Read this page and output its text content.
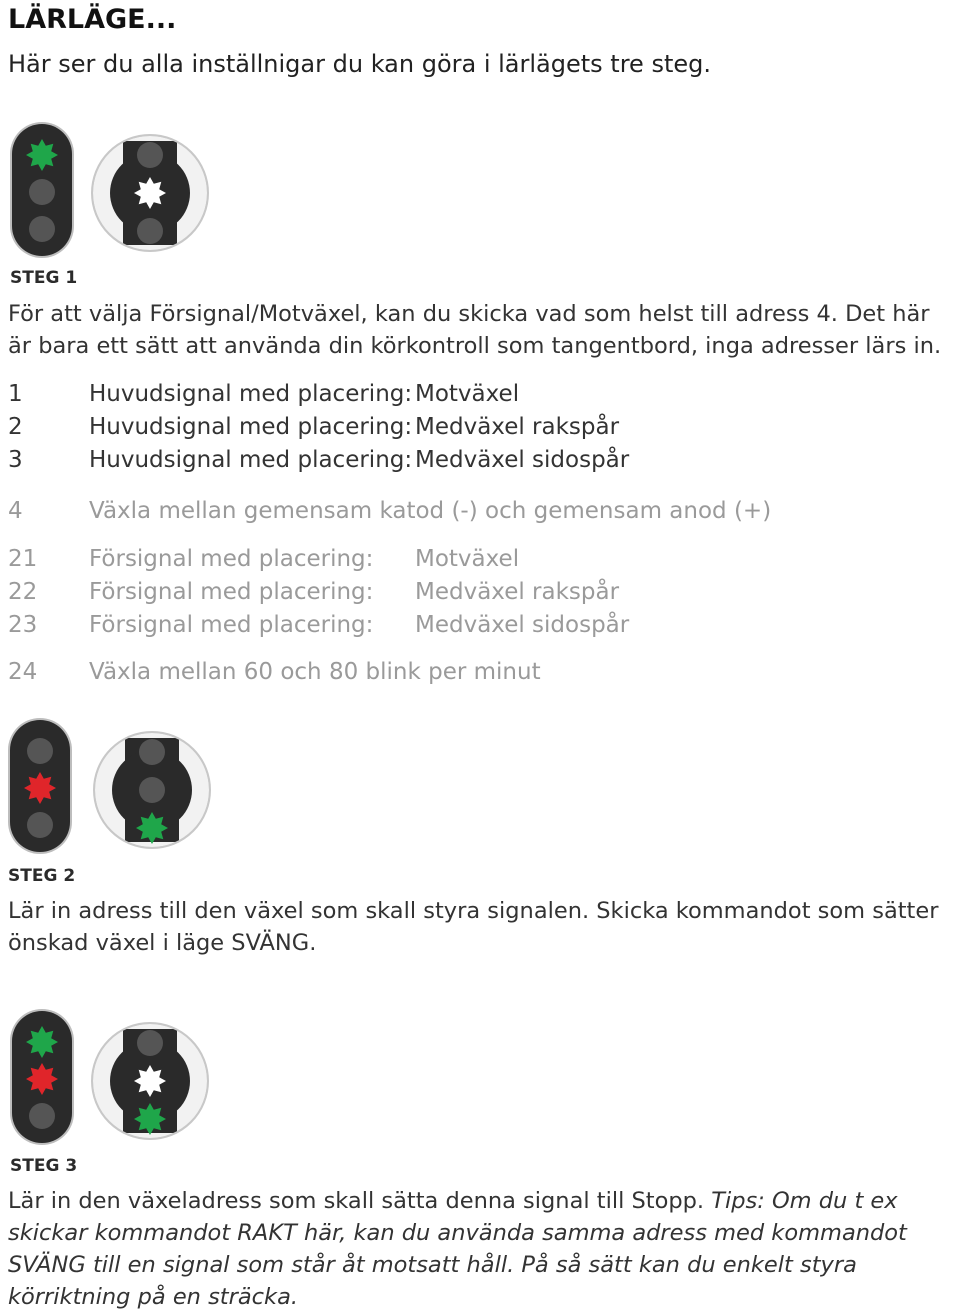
LÄRLÄGE...
Här ser du alla inställnigar du kan göra i lärlägets tre steg.
STEG 1
För att välja Försignal/Motväxel, kan du skicka vad som helst till adress 4. Det här är bara ett sätt att använda din körkontroll som tangentbord, inga adresser lärs in.
1	Huvudsignal med placering: Motväxel
2	Huvudsignal med placering: Medväxel rakspår
3	Huvudsignal med placering: Medväxel sidospår
4	Växla mellan gemensam katod (-) och gemensam anod (+)
21 Försignal med placering: Motväxel
22 Försignal med placering: Medväxel rakspår
23 Försignal med placering: Medväxel sidospår
24 Växla mellan 60 och 80 blink per minut
STEG 2
Lär in adress till den växel som skall styra signalen. Skicka kommandot som sätter önskad växel i läge SVÄNG.
STEG 3
Lär in den växeladress som skall sätta denna signal till Stopp. Tips: Om du t ex skickar kommandot RAKT här, kan du använda samma adress med kommandot SVÄNG till en signal som står åt motsatt håll. På så sätt kan du enkelt styra körriktning på en sträcka.
